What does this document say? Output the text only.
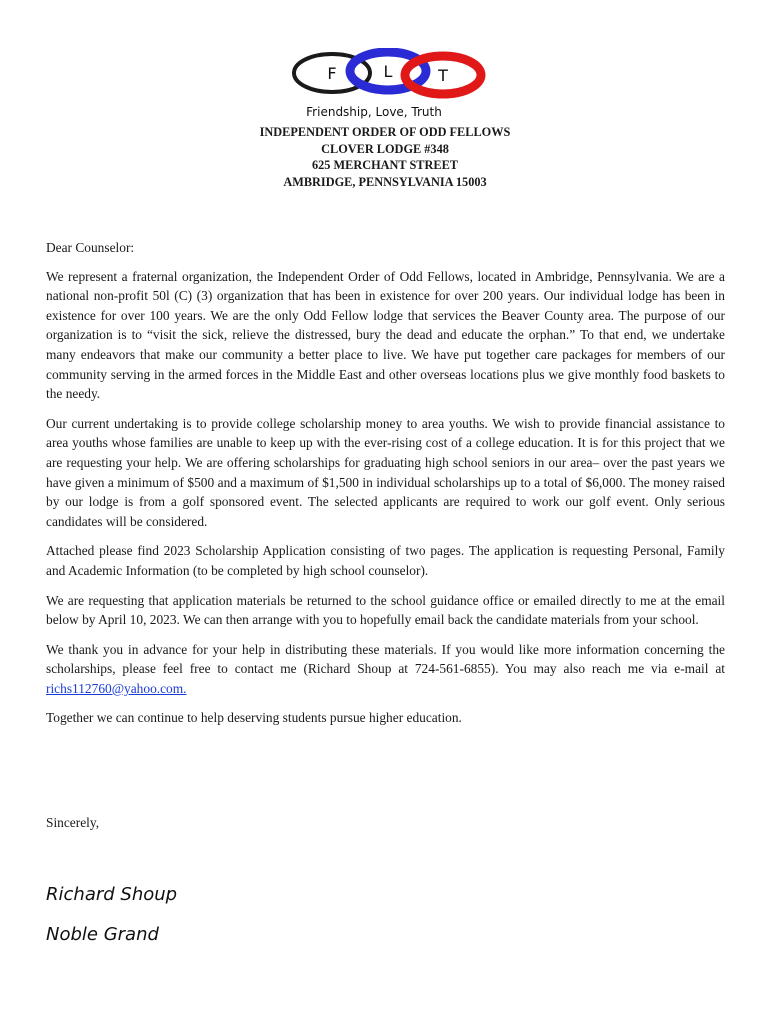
F	L	T
Friendship, Love, Truth
INDEPENDENT ORDER OF ODD FELLOWS
CLOVER LODGE #348
625 MERCHANT STREET
AMBRIDGE, PENNSYLVANIA 15003

Dear Counselor:

We represent a fraternal organization, the Independent Order of Odd Fellows, located in Ambridge, Pennsylvania. We are a national non-profit 50l (C) (3) organization that has been in existence for over 200 years. Our individual lodge has been in existence for over 100 years. We are the only Odd Fellow lodge that services the Beaver County area. The purpose of our organization is to “visit the sick, relieve the distressed, bury the dead and educate the orphan.” To that end, we undertake many endeavors that make our community a better place to live. We have put together care packages for members of our community serving in the armed forces in the Middle East and other overseas locations plus we give monthly food baskets to the needy.

Our current undertaking is to provide college scholarship money to area youths. We wish to provide financial assistance to area youths whose families are unable to keep up with the ever-rising cost of a college education. It is for this project that we are requesting your help. We are offering scholarships for graduating high school seniors in our area– over the past years we have given a minimum of $500 and a maximum of $1,500 in individual scholarships up to a total of $6,000. The money raised by our lodge is from a golf sponsored event. The selected applicants are required to work our golf event. Only serious candidates will be considered.

Attached please find 2023 Scholarship Application consisting of two pages. The application is requesting Personal, Family and Academic Information (to be completed by high school counselor).

We are requesting that application materials be returned to the school guidance office or emailed directly to me at the email below by April 10, 2023. We can then arrange with you to hopefully email back the candidate materials from your school.

We thank you in advance for your help in distributing these materials. If you would like more information concerning the scholarships, please feel free to contact me (Richard Shoup at 724-561-6855). You may also reach me via e-mail at richs112760@yahoo.com.

Together we can continue to help deserving students pursue higher education.

Sincerely,
Richard Shoup
Noble Grand
